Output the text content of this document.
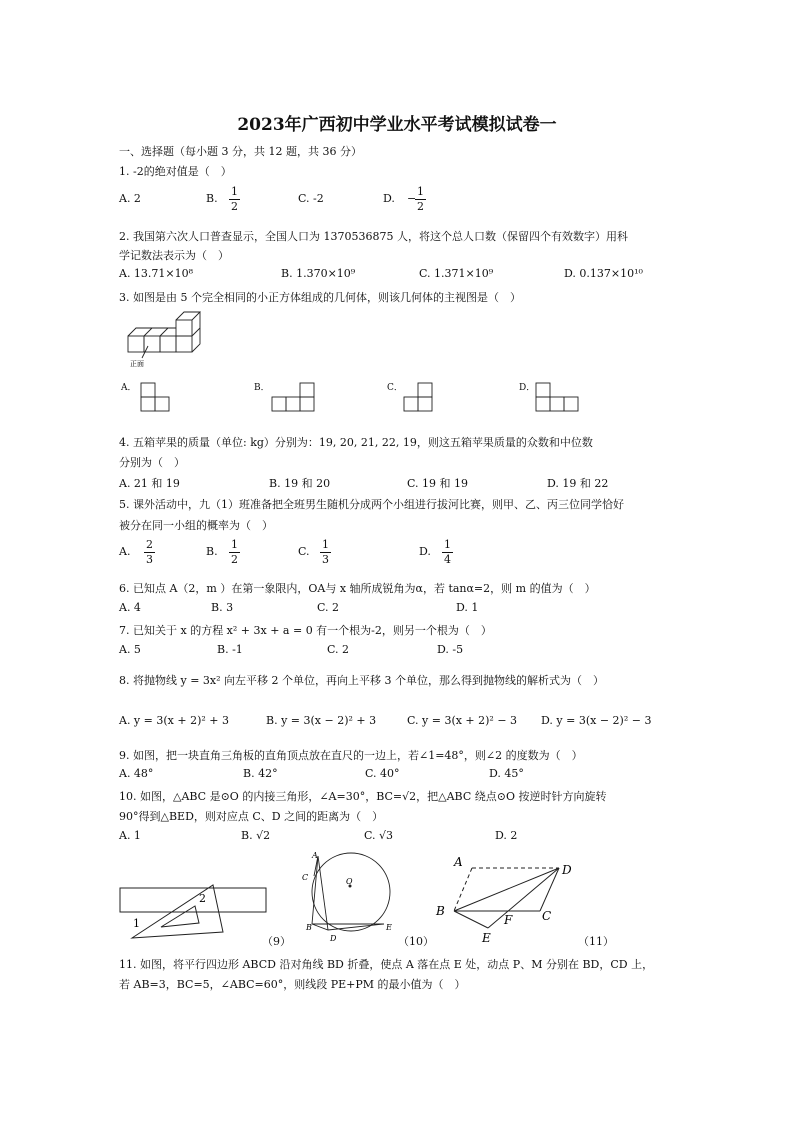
2023年广西初中学业水平考试模拟试卷一
一、选择题（每小题 3 分，共 12 题，共 36 分）
1. -2的绝对值是（　）
A. 2	B. $\frac{1}{2}$	C. -2	D. −
$\frac{1}{2}$
2. 我国第六次人口普查显示，全国人口为 1370536875 人，将这个总人口数（保留四个有效数字）用科
学记数法表示为（　）
A. 13.71×10⁸	B. 1.370×10⁹	C. 1.371×10⁹	D. 0.137×10¹⁰
3. 如图是由 5 个完全相同的小正方体组成的几何体，则该几何体的主视图是（　）
正面
A．	B．	C．	D．
4. 五箱苹果的质量（单位: kg）分别为：19, 20, 21, 22, 19，则这五箱苹果质量的众数和中位数
分别为（　）
A. 21 和 19	B. 19 和 20	C. 19 和 19	D. 19 和 22
5. 课外活动中，九（1）班准备把全班男生随机分成两个小组进行拔河比赛，则甲、乙、丙三位同学恰好
被分在同一小组的概率为（　）
A. $\frac{2}{3}$	B. $\frac{1}{2}$	C. $\frac{1}{3}$	D. $\frac{1}{4}$
6. 已知点 A（2，m ）在第一象限内，OA与 x 轴所成锐角为α，若 tanα=2，则 m 的值为（　）
A. 4	B. 3	C. 2	D. 1
7. 已知关于 x 的方程 x² + 3x + a = 0 有一个根为-2，则另一个根为（　）
A. 5	B. -1	C. 2	D. -5
8. 将抛物线 y = 3x² 向左平移 2 个单位，再向上平移 3 个单位，那么得到抛物线的解析式为（　）
A. y = 3(x + 2)² + 3	B. y = 3(x − 2)² + 3	C. y = 3(x + 2)² − 3 D. y = 3(x − 2)² − 3
9. 如图，把一块直角三角板的直角顶点放在直尺的一边上，若∠1=48°，则∠2 的度数为（　）
A. 48°	B. 42°	C. 40°	D. 45°
10. 如图，△ABC 是⊙O 的内接三角形，∠A=30°，BC=√2，把△ABC 绕点⊙O 按逆时针方向旋转
90°得到△BED，则对应点 C、D 之间的距离为（　）
A. 1	B. √2	C. √3	D. 2
2
1
（9）
A
C	O
B
D
E
（10）
A
D
B
F C
E	（11）
11. 如图，将平行四边形 ABCD 沿对角线 BD 折叠，使点 A 落在点 E 处，动点 P、M 分别在 BD，CD 上，
若 AB=3，BC=5，∠ABC=60°，则线段 PE+PM 的最小值为（　）
